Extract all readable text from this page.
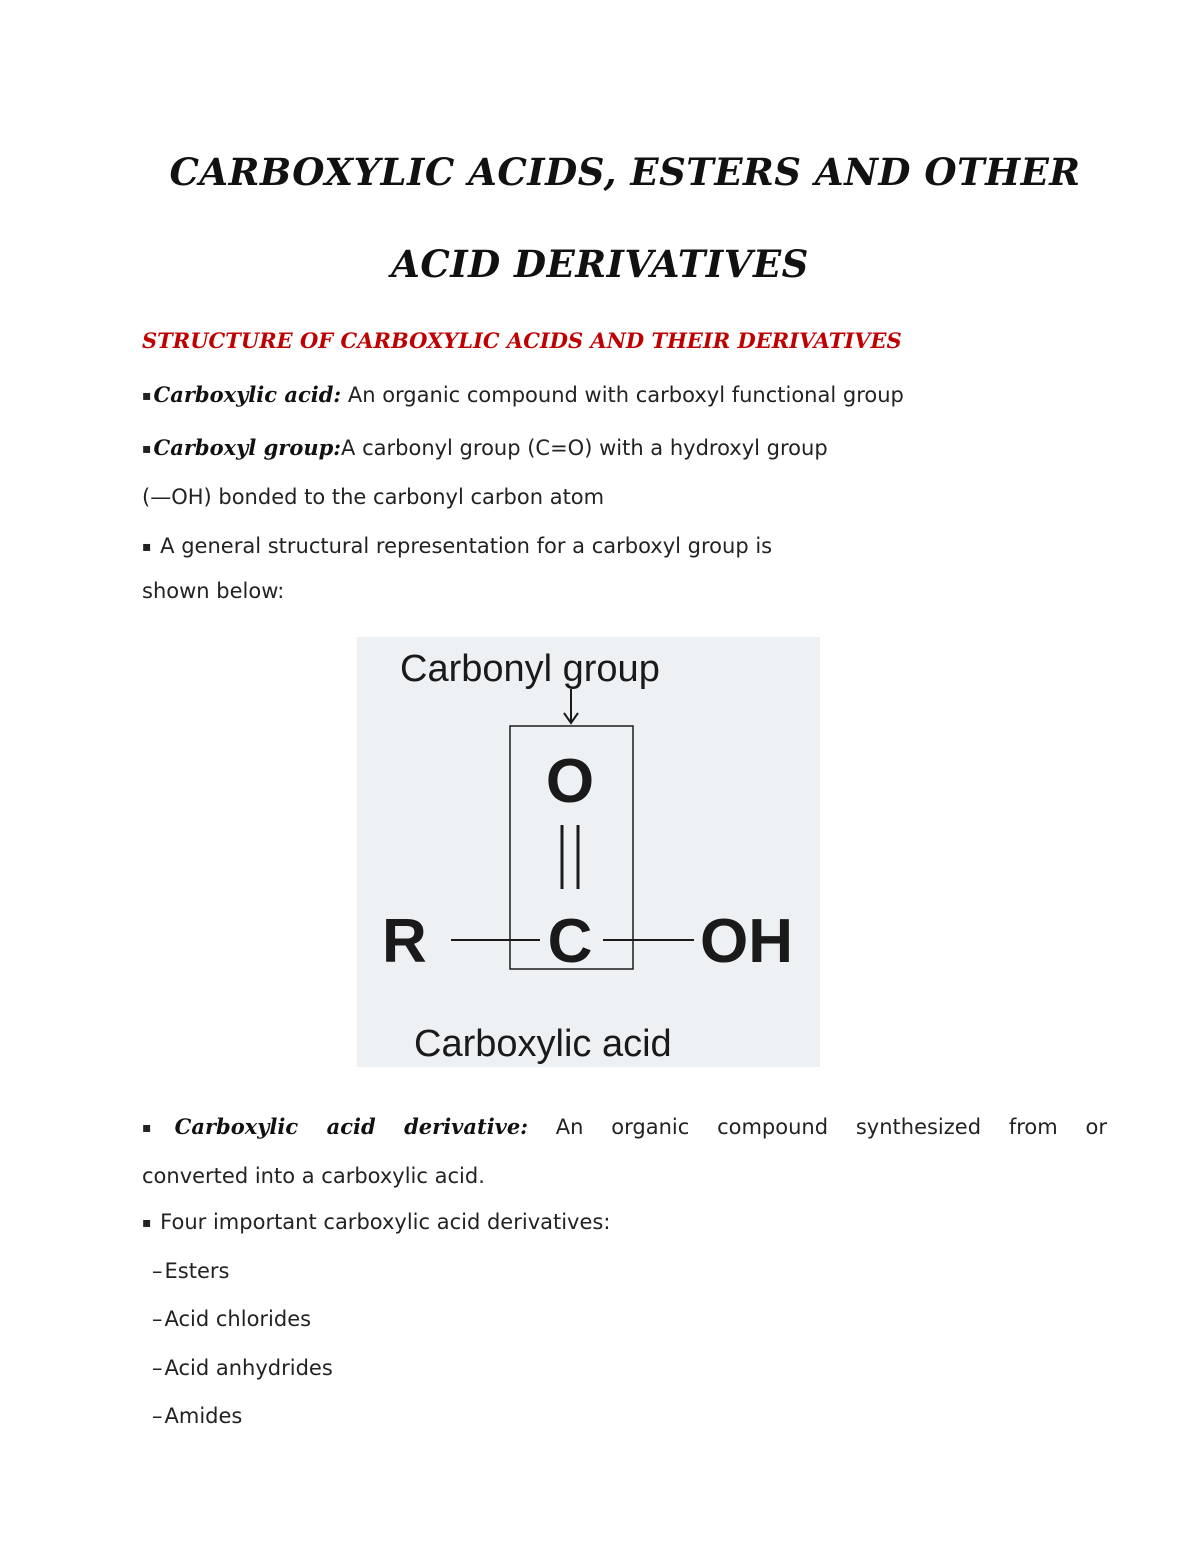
CARBOXYLIC ACIDS, ESTERS AND OTHER
ACID DERIVATIVES
STRUCTURE OF CARBOXYLIC ACIDS AND THEIR DERIVATIVES
▪Carboxylic acid: An organic compound with carboxyl functional group
▪Carboxyl group:A carbonyl group (C=O) with a hydroxyl group
(—OH) bonded to the carbonyl carbon atom
▪ A general structural representation for a carboxyl group is
shown below:
Carbonyl group
O
C
R	OH
Carboxylic acid
▪Carboxylic acid derivative: An organic compound synthesized from or
converted into a carboxylic acid.
▪ Four important carboxylic acid derivatives:
–Esters
–Acid chlorides
–Acid anhydrides
–Amides
